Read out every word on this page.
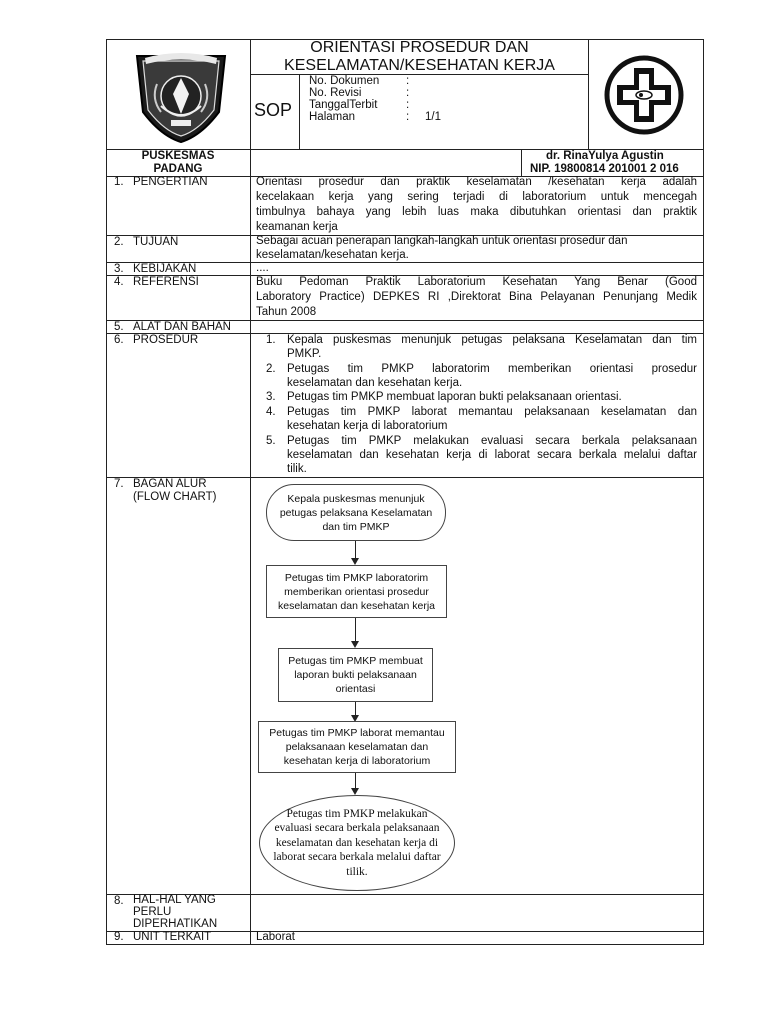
ORIENTASI PROSEDUR DAN
KESELAMATAN/KESEHATAN KERJA
SOP
No. Dokumen :
No. Revisi	:
TanggalTerbit :
Halaman	: 1/1
PUSKESMAS
PADANG
dr. RinaYulya Agustin
NIP. 19800814 201001 2 016
1. PENGERTIAN	Orientasi prosedur dan praktik keselamatan /kesehatan kerja adalah
kecelakaan kerja yang sering terjadi di laboratorium untuk mencegah
timbulnya bahaya yang lebih luas maka dibutuhkan orientasi dan praktik
keamanan kerja
2. TUJUAN	Sebagai acuan penerapan langkah-langkah untuk orientasi prosedur dan
keselamatan/kesehatan kerja.
3. KEBIJAKAN	....
4. REFERENSI	Buku Pedoman Praktik Laboratorium Kesehatan Yang Benar (Good
Laboratory Practice) DEPKES RI ,Direktorat Bina Pelayanan Penunjang Medik
Tahun 2008
5. ALAT DAN BAHAN
6. PROSEDUR	1. Kepala puskesmas menunjuk petugas pelaksana Keselamatan dan tim
PMKP.
2. Petugas tim PMKP laboratorim memberikan orientasi prosedur
keselamatan dan kesehatan kerja.
3. Petugas tim PMKP membuat laporan bukti pelaksanaan orientasi.
4. Petugas tim PMKP laborat memantau pelaksanaan keselamatan dan
kesehatan kerja di laboratorium
5. Petugas tim PMKP melakukan evaluasi secara berkala pelaksanaan
keselamatan dan kesehatan kerja di laborat secara berkala melalui daftar
tilik.
7. BAGAN ALUR
(FLOW CHART)	Kepala puskesmas menunjuk
petugas pelaksana Keselamatan
dan tim PMKP
Petugas tim PMKP laboratorim
memberikan orientasi prosedur
keselamatan dan kesehatan kerja
Petugas tim PMKP membuat
laporan bukti pelaksanaan
orientasi
Petugas tim PMKP laborat memantau
pelaksanaan keselamatan dan
kesehatan kerja di laboratorium
Petugas tim PMKP melakukan
evaluasi secara berkala pelaksanaan
keselamatan dan kesehatan kerja di
laborat secara berkala melalui daftar
tilik.
8. HAL-HAL YANG
PERLU
DIPERHATIKAN
9. UNIT TERKAIT	Laborat
